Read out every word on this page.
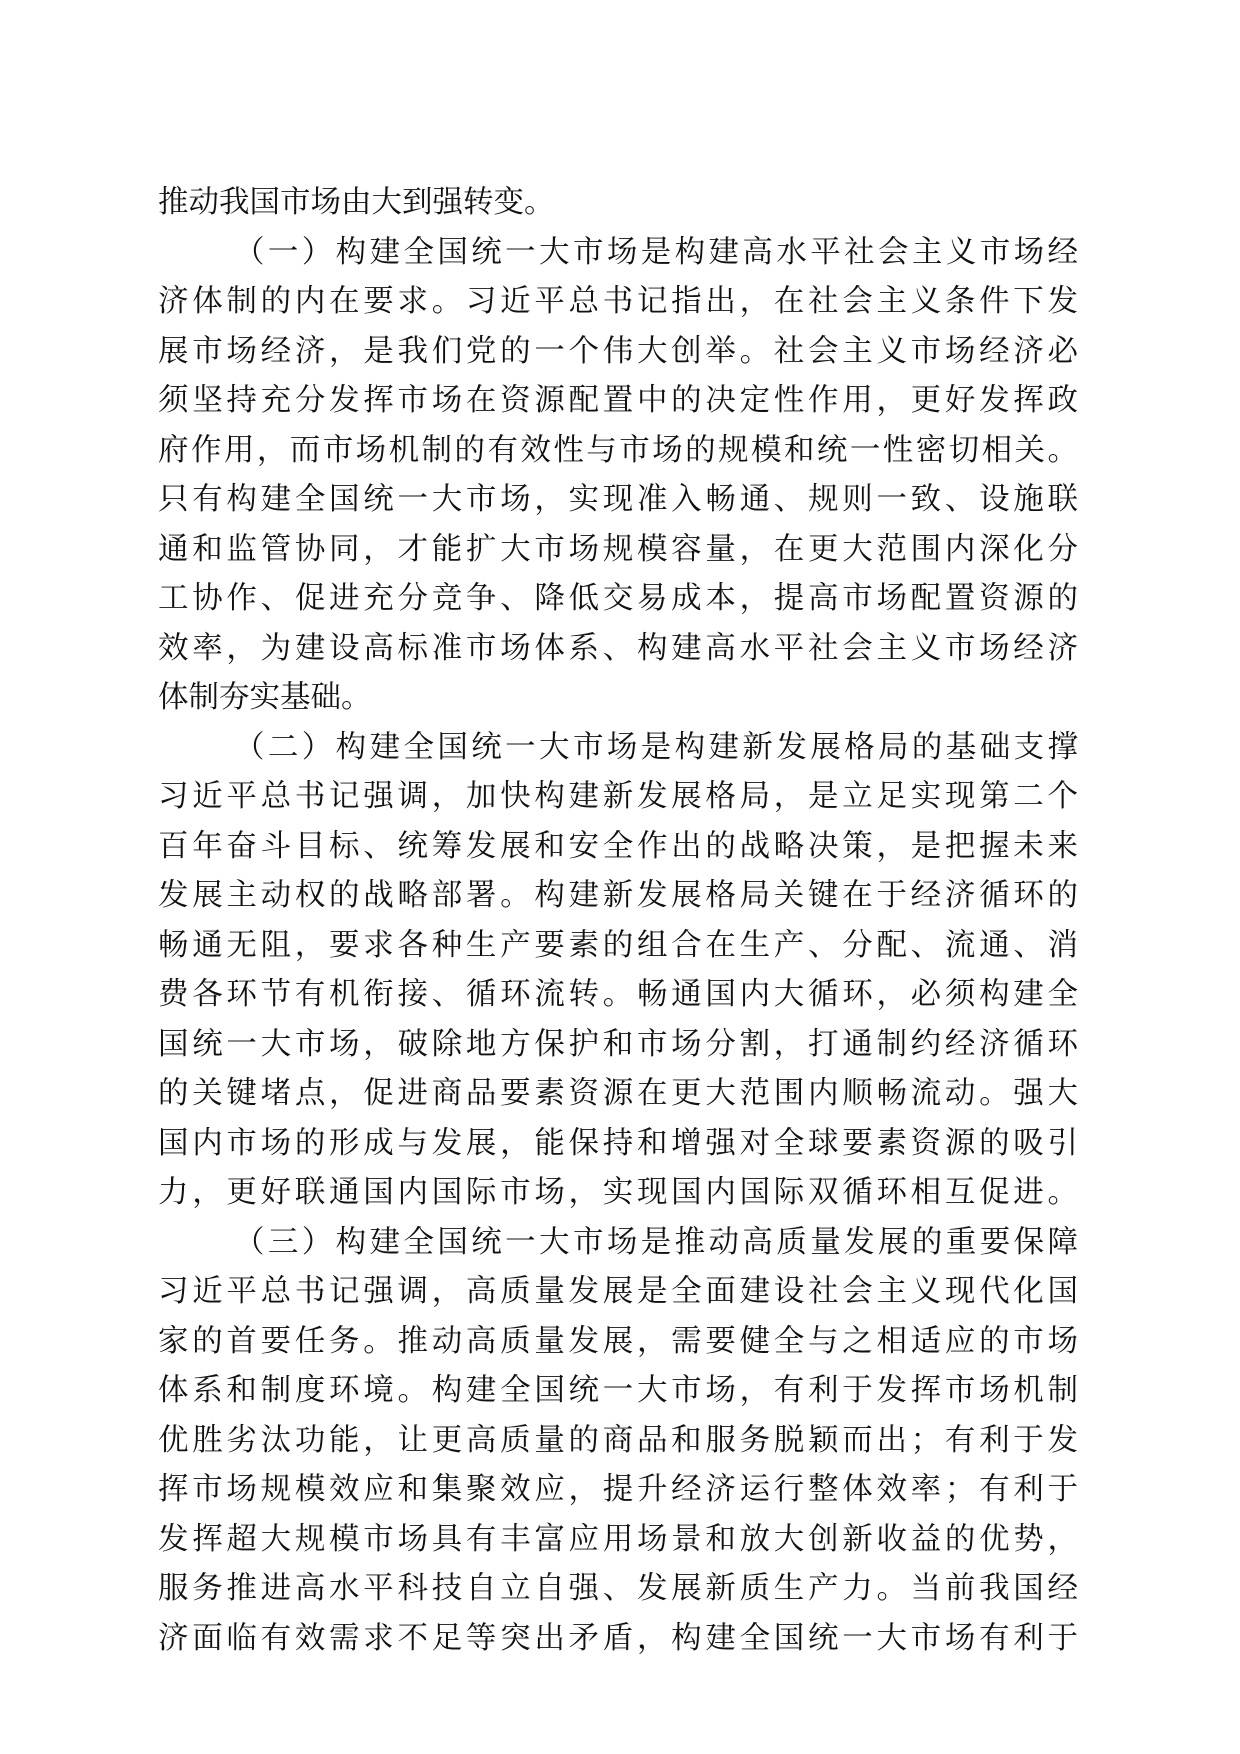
推动我国市场由大到强转变。
（一）构建全国统一大市场是构建高水平社会主义市场经
济体制的内在要求。习近平总书记指出，在社会主义条件下发
展市场经济，是我们党的一个伟大创举。社会主义市场经济必
须坚持充分发挥市场在资源配置中的决定性作用，更好发挥政
府作用，而市场机制的有效性与市场的规模和统一性密切相关。
只有构建全国统一大市场，实现准入畅通、规则一致、设施联
通和监管协同，才能扩大市场规模容量，在更大范围内深化分
工协作、促进充分竞争、降低交易成本，提高市场配置资源的
效率，为建设高标准市场体系、构建高水平社会主义市场经济
体制夯实基础。
（二）构建全国统一大市场是构建新发展格局的基础支撑
习近平总书记强调，加快构建新发展格局，是立足实现第二个
百年奋斗目标、统筹发展和安全作出的战略决策，是把握未来
发展主动权的战略部署。构建新发展格局关键在于经济循环的
畅通无阻，要求各种生产要素的组合在生产、分配、流通、消
费各环节有机衔接、循环流转。畅通国内大循环，必须构建全
国统一大市场，破除地方保护和市场分割，打通制约经济循环
的关键堵点，促进商品要素资源在更大范围内顺畅流动。强大
国内市场的形成与发展，能保持和增强对全球要素资源的吸引
力，更好联通国内国际市场，实现国内国际双循环相互促进。
（三）构建全国统一大市场是推动高质量发展的重要保障
习近平总书记强调，高质量发展是全面建设社会主义现代化国
家的首要任务。推动高质量发展，需要健全与之相适应的市场
体系和制度环境。构建全国统一大市场，有利于发挥市场机制
优胜劣汰功能，让更高质量的商品和服务脱颖而出；有利于发
挥市场规模效应和集聚效应，提升经济运行整体效率；有利于
发挥超大规模市场具有丰富应用场景和放大创新收益的优势，
服务推进高水平科技自立自强、发展新质生产力。当前我国经
济面临有效需求不足等突出矛盾，构建全国统一大市场有利于
